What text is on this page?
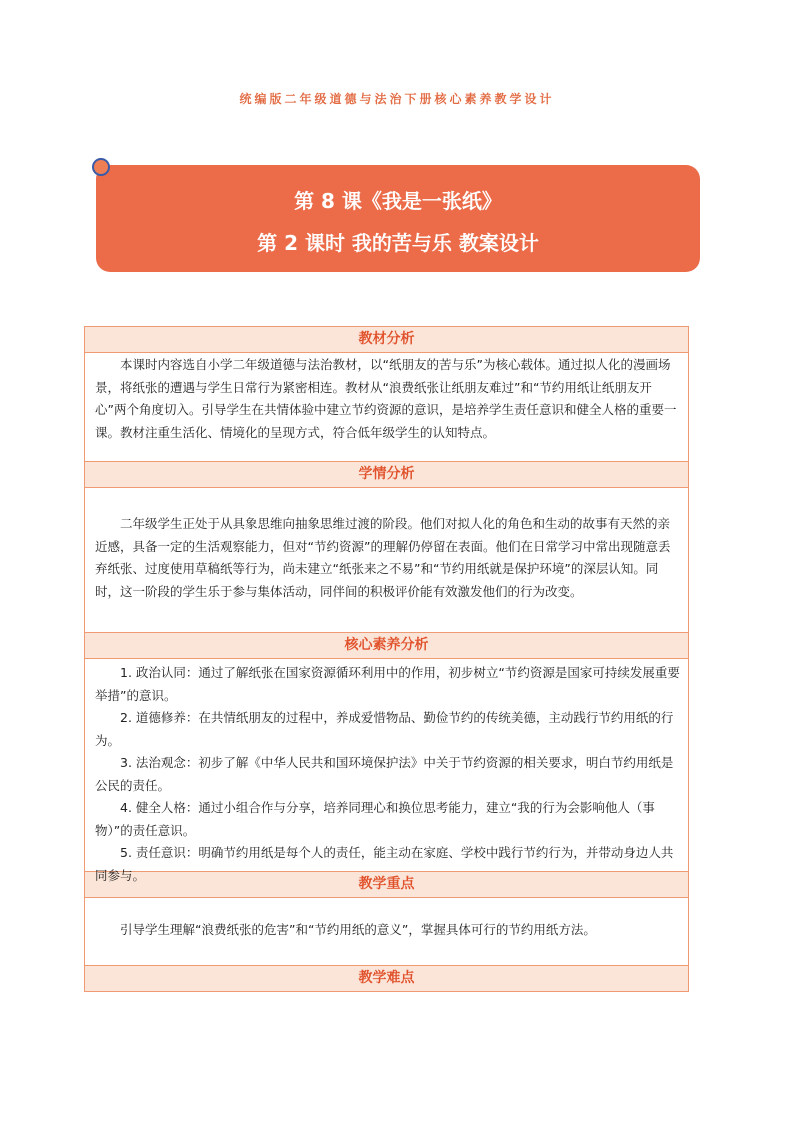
统编版二年级道德与法治下册核心素养教学设计
第 8 课《我是一张纸》
第 2 课时 我的苦与乐 教案设计
教材分析

本课时内容选自小学二年级道德与法治教材，以“纸朋友的苦与乐”为核心载体。通过拟人化的漫画场景，将纸张的遭遇与学生日常行为紧密相连。教材从“浪费纸张让纸朋友难过”和“节约用纸让纸朋友开心”两个角度切入。引导学生在共情体验中建立节约资源的意识，是培养学生责任意识和健全人格的重要一课。教材注重生活化、情境化的呈现方式，符合低年级学生的认知特点。

学情分析

二年级学生正处于从具象思维向抽象思维过渡的阶段。他们对拟人化的角色和生动的故事有天然的亲近感，具备一定的生活观察能力，但对“节约资源”的理解仍停留在表面。他们在日常学习中常出现随意丢弃纸张、过度使用草稿纸等行为，尚未建立“纸张来之不易”和“节约用纸就是保护环境”的深层认知。同时，这一阶段的学生乐于参与集体活动，同伴间的积极评价能有效激发他们的行为改变。

核心素养分析

1. 政治认同：通过了解纸张在国家资源循环利用中的作用，初步树立“节约资源是国家可持续发展重要举措”的意识。

2. 道德修养：在共情纸朋友的过程中，养成爱惜物品、勤俭节约的传统美德，主动践行节约用纸的行为。

3. 法治观念：初步了解《中华人民共和国环境保护法》中关于节约资源的相关要求，明白节约用纸是公民的责任。

4. 健全人格：通过小组合作与分享，培养同理心和换位思考能力，建立“我的行为会影响他人（事物）”的责任意识。

5. 责任意识：明确节约用纸是每个人的责任，能主动在家庭、学校中践行节约行为，并带动身边人共同参与。

教学重点

引导学生理解“浪费纸张的危害”和“节约用纸的意义”，掌握具体可行的节约用纸方法。

教学难点
